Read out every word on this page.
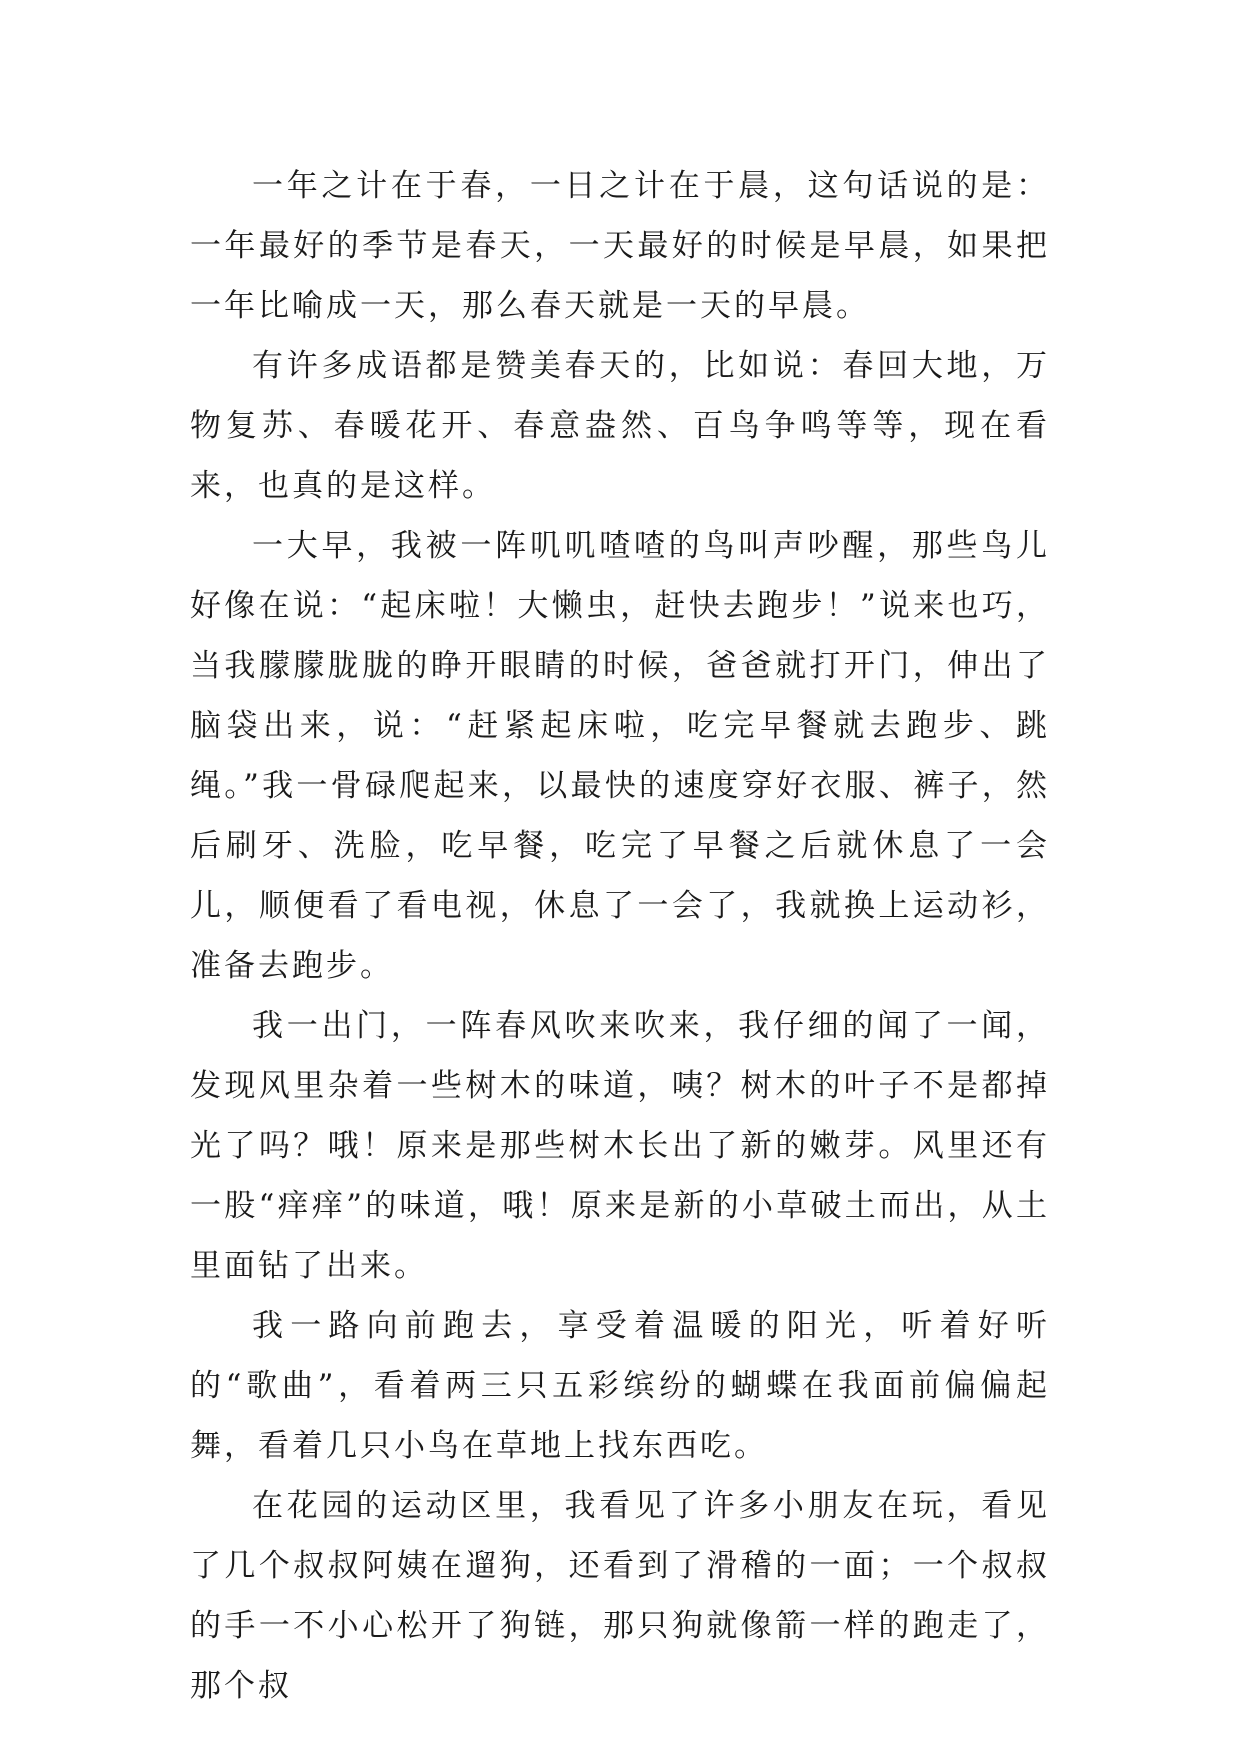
一年之计在于春，一日之计在于晨，这句话说的是：一年最好的季节是春天，一天最好的时候是早晨，如果把一年比喻成一天，那么春天就是一天的早晨。

有许多成语都是赞美春天的，比如说：春回大地，万物复苏、春暖花开、春意盎然、百鸟争鸣等等，现在看来，也真的是这样。

一大早，我被一阵叽叽喳喳的鸟叫声吵醒，那些鸟儿好像在说：“起床啦！大懒虫，赶快去跑步！”说来也巧，当我朦朦胧胧的睁开眼睛的时候，爸爸就打开门，伸出了脑袋出来，说：“赶紧起床啦，吃完早餐就去跑步、跳绳。”我一骨碌爬起来，以最快的速度穿好衣服、裤子，然后刷牙、洗脸，吃早餐，吃完了早餐之后就休息了一会儿，顺便看了看电视，休息了一会了，我就换上运动衫，准备去跑步。

我一出门，一阵春风吹来吹来，我仔细的闻了一闻，发现风里杂着一些树木的味道，咦？树木的叶子不是都掉光了吗？哦！原来是那些树木长出了新的嫩芽。风里还有一股“痒痒”的味道，哦！原来是新的小草破土而出，从土里面钻了出来。

我一路向前跑去，享受着温暖的阳光，听着好听的“歌曲”，看着两三只五彩缤纷的蝴蝶在我面前偏偏起舞，看着几只小鸟在草地上找东西吃。

在花园的运动区里，我看见了许多小朋友在玩，看见了几个叔叔阿姨在遛狗，还看到了滑稽的一面；一个叔叔的手一不小心松开了狗链，那只狗就像箭一样的跑走了，那个叔
